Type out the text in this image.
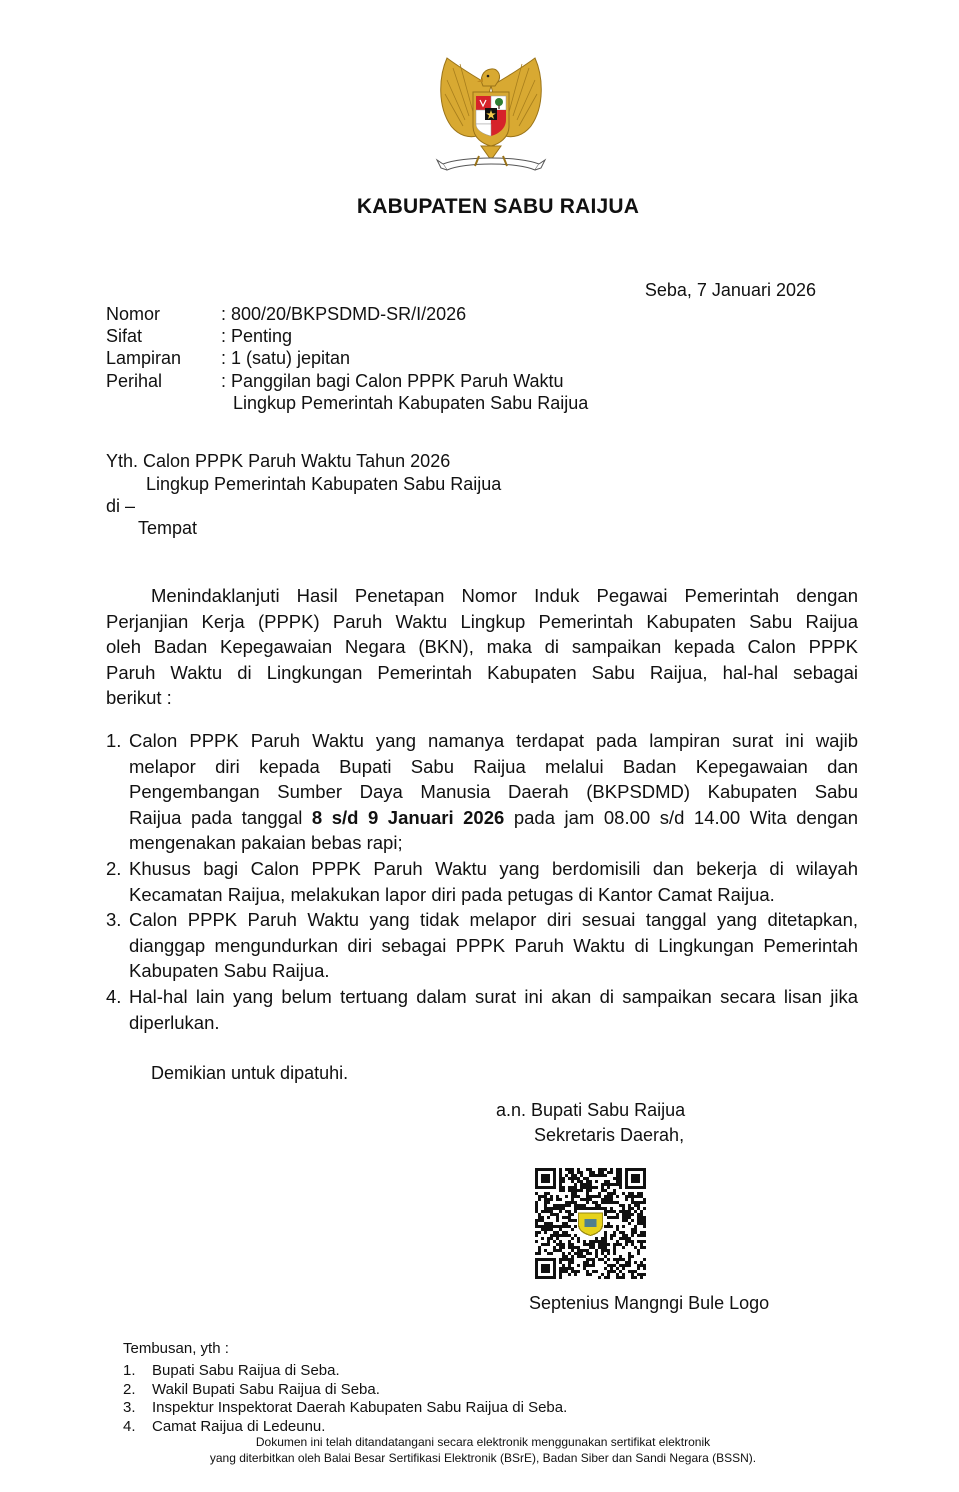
KABUPATEN SABU RAIJUA
Seba, 7 Januari 2026
Nomor	: 800/20/BKPSDMD-SR/I/2026
Sifat	: Penting
Lampiran : 1 (satu) jepitan
Perihal	: Panggilan bagi Calon PPPK Paruh Waktu
Lingkup Pemerintah Kabupaten Sabu Raijua
Yth. Calon PPPK Paruh Waktu Tahun 2026
Lingkup Pemerintah Kabupaten Sabu Raijua
di –
Tempat
Menindaklanjuti Hasil Penetapan Nomor Induk Pegawai Pemerintah dengan
Perjanjian Kerja (PPPK) Paruh Waktu Lingkup Pemerintah Kabupaten Sabu Raijua
oleh Badan Kepegawaian Negara (BKN), maka di sampaikan kepada Calon PPPK
Paruh Waktu di Lingkungan Pemerintah Kabupaten Sabu Raijua, hal-hal sebagai
berikut :
1. Calon PPPK Paruh Waktu yang namanya terdapat pada lampiran surat ini wajib
melapor diri kepada Bupati Sabu Raijua melalui Badan Kepegawaian dan
Pengembangan Sumber Daya Manusia Daerah (BKPSDMD) Kabupaten Sabu
Raijua pada tanggal 8 s/d 9 Januari 2026 pada jam 08.00 s/d 14.00 Wita dengan
mengenakan pakaian bebas rapi;
2. Khusus bagi Calon PPPK Paruh Waktu yang berdomisili dan bekerja di wilayah
Kecamatan Raijua, melakukan lapor diri pada petugas di Kantor Camat Raijua.
3. Calon PPPK Paruh Waktu yang tidak melapor diri sesuai tanggal yang ditetapkan,
dianggap mengundurkan diri sebagai PPPK Paruh Waktu di Lingkungan Pemerintah
Kabupaten Sabu Raijua.
4. Hal-hal lain yang belum tertuang dalam surat ini akan di sampaikan secara lisan jika
diperlukan.
Demikian untuk dipatuhi.
a.n. Bupati Sabu Raijua
Sekretaris Daerah,
Septenius Mangngi Bule Logo
Tembusan, yth :
1. Bupati Sabu Raijua di Seba.
2. Wakil Bupati Sabu Raijua di Seba.
3. Inspektur Inspektorat Daerah Kabupaten Sabu Raijua di Seba.
4. Camat Raijua di Ledeunu.
Dokumen ini telah ditandatangani secara elektronik menggunakan sertifikat elektronik
yang diterbitkan oleh Balai Besar Sertifikasi Elektronik (BSrE), Badan Siber dan Sandi Negara (BSSN).
